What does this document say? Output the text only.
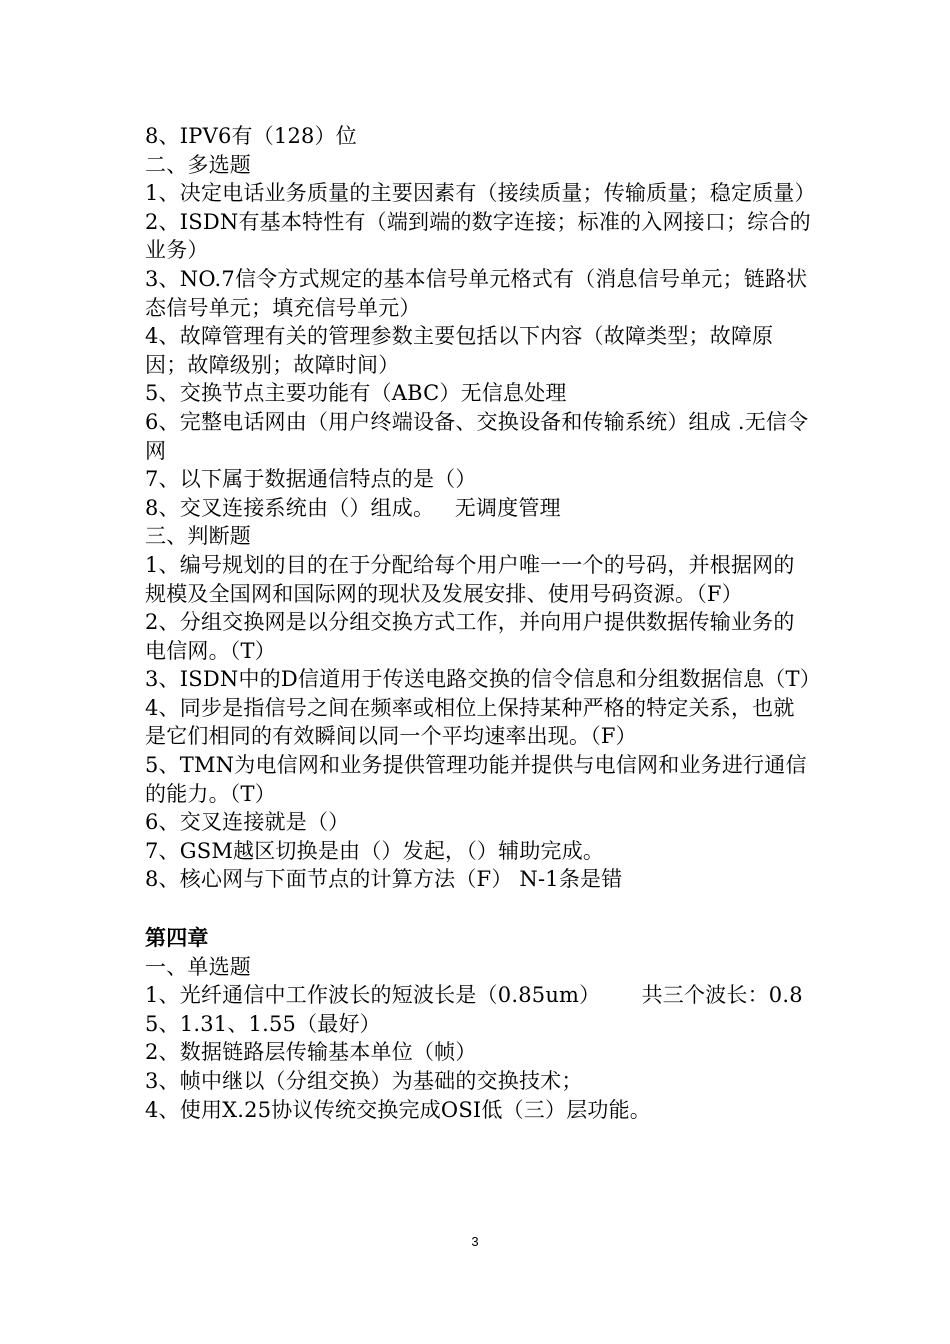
8、IPV6有（128）位

二、多选题

1、决定电话业务质量的主要因素有（接续质量；传输质量；稳定质量）

2、ISDN有基本特性有（端到端的数字连接；标准的入网接口；综合的业务）

3、NO.7信令方式规定的基本信号单元格式有（消息信号单元；链路状态信号单元；填充信号单元）

4、故障管理有关的管理参数主要包括以下内容（故障类型；故障原因；故障级别；故障时间）

5、交换节点主要功能有（ABC）无信息处理

6、完整电话网由（用户终端设备、交换设备和传输系统）组成 .无信令网

7、以下属于数据通信特点的是（）

8、交叉连接系统由（）组成。   无调度管理

三、判断题

1、编号规划的目的在于分配给每个用户唯一一个的号码，并根据网的规模及全国网和国际网的现状及发展安排、使用号码资源。（F）

2、分组交换网是以分组交换方式工作，并向用户提供数据传输业务的电信网。（T）

3、ISDN中的D信道用于传送电路交换的信令信息和分组数据信息（T）

4、同步是指信号之间在频率或相位上保持某种严格的特定关系，也就是它们相同的有效瞬间以同一个平均速率出现。（F）

5、TMN为电信网和业务提供管理功能并提供与电信网和业务进行通信的能力。（T）

6、交叉连接就是（）

7、GSM越区切换是由（）发起，（）辅助完成。

8、核心网与下面节点的计算方法（F） N-1条是错

第四章

一、单选题

1、光纤通信中工作波长的短波长是（0.85um）      共三个波长：0.85、1.31、1.55（最好）

2、数据链路层传输基本单位（帧）

3、帧中继以（分组交换）为基础的交换技术；

4、使用X.25协议传统交换完成OSI低（三）层功能。

3
